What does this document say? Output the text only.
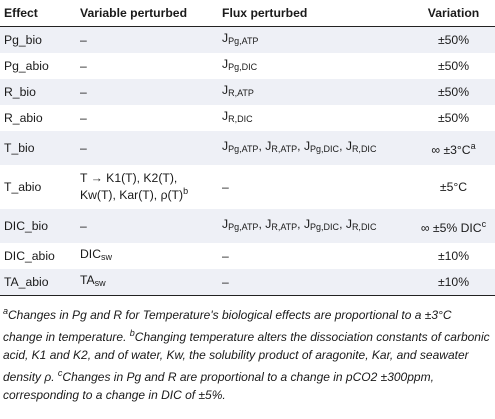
Effect	Variable perturbed	Flux perturbed	Variation
Pg_bio	–	$J_{Pg,ATP}$	±50%
Pg_abio	–	$J_{Pg,DIC}$	±50%
R_bio	–	$J_{R,ATP}$	±50%
R_abio	–	$J_{R,DIC}$	±50%
T_bio	–	$J_{Pg,ATP}$, $J_{R,ATP}$, $J_{Pg,DIC}$, $J_{R,DIC}$	∞ $\pm 3^\circ C^a$
T_abio	T → K1(T), K2(T), Kw(T), Kar(T), $\rho(T)^b$	–	±5°C
DIC_bio	–	$J_{Pg,ATP}$, $J_{R,ATP}$, $J_{Pg,DIC}$, $J_{R,DIC}$	∞ ±5% DIC$^c$
DIC_abio	$DIC_{sw}$	–	±10%
TA_abio	$TA_{sw}$	–	±10%
$^a$Changes in Pg and R for Temperature's biological effects are proportional to a ±3°C change in temperature. $^b$Changing temperature alters the dissociation constants of carbonic acid, K1 and K2, and of water, Kw, the solubility product of aragonite, Kar, and seawater density ρ. $^c$Changes in Pg and R are proportional to a change in pCO2 ±300ppm, corresponding to a change in DIC of ±5%.
